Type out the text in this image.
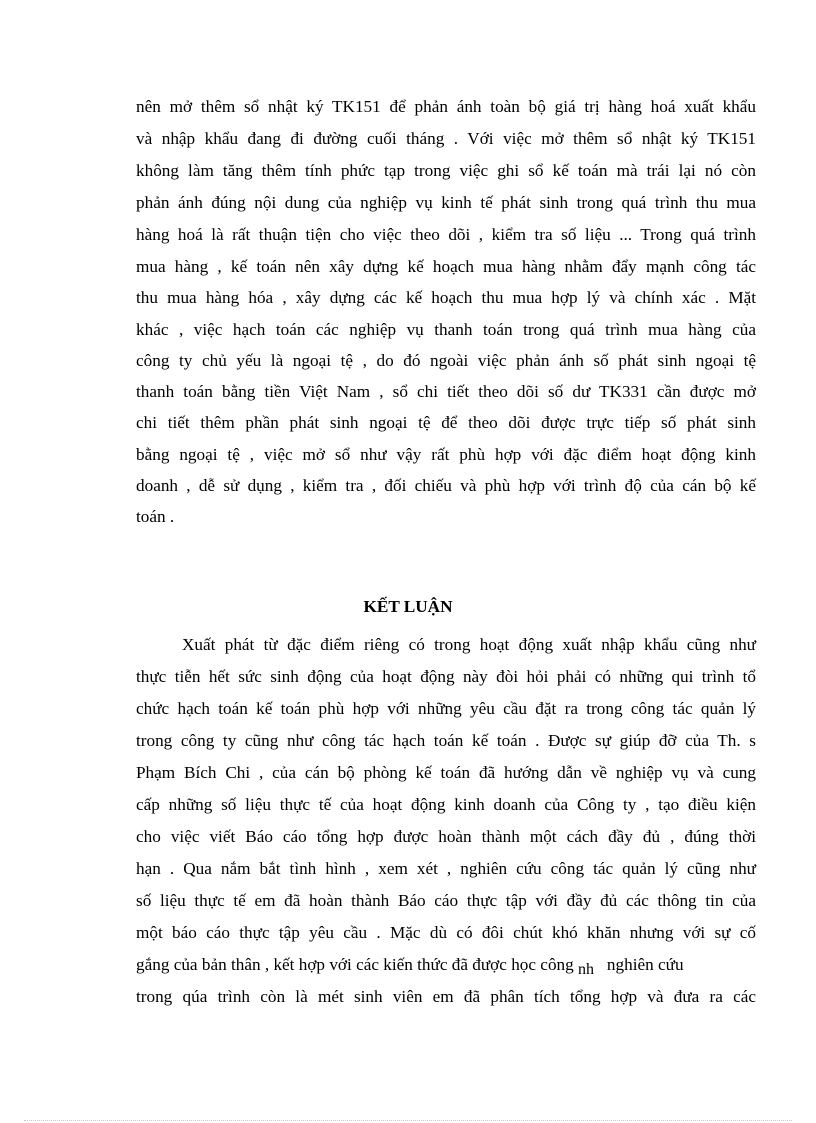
nên mở thêm sổ nhật ký TK151 để phản ánh toàn bộ giá trị hàng hoá xuất khẩu
và nhập khẩu đang đi đường cuối tháng . Với việc mở thêm sổ nhật ký TK151
không làm tăng thêm tính phức tạp trong việc ghi sổ kế toán mà trái lại nó còn
phản ánh đúng nội dung của nghiệp vụ kinh tế phát sinh trong quá trình thu mua
hàng hoá là rất thuận tiện cho việc theo dõi , kiểm tra số liệu ... Trong quá trình
mua hàng , kế toán nên xây dựng kế hoạch mua hàng nhằm đẩy mạnh công tác
thu mua hàng hóa , xây dựng các kế hoạch thu mua hợp lý và chính xác . Mặt
khác , việc hạch toán các nghiệp vụ thanh toán trong quá trình mua hàng của
công ty chủ yếu là ngoại tệ , do đó ngoài việc phản ánh số phát sinh ngoại tệ
thanh toán bằng tiền Việt Nam , sổ chi tiết theo dõi số dư TK331 cần được mở
chi tiết thêm phần phát sinh ngoại tệ để theo dõi được trực tiếp số phát sinh
bằng ngoại tệ , việc mở sổ như vậy rất phù hợp với đặc điểm hoạt động kinh
doanh , dễ sử dụng , kiểm tra , đối chiếu và phù hợp với trình độ của cán bộ kế
toán .
KẾT LUẬN
Xuất phát từ đặc điểm riêng có trong hoạt động xuất nhập khẩu cũng như
thực tiễn hết sức sinh động của hoạt động này đòi hỏi phải có những qui trình tổ
chức hạch toán kế toán phù hợp với những yêu cầu đặt ra trong công tác quản lý
trong công ty cũng như công tác hạch toán kế toán . Được sự giúp đỡ của Th. s
Phạm Bích Chi , của cán bộ phòng kế toán đã hướng dẫn về nghiệp vụ và cung
cấp những số liệu thực tế của hoạt động kinh doanh của Công ty , tạo điều kiện
cho việc viết Báo cáo tổng hợp được hoàn thành một cách đầy đủ , đúng thời
hạn . Qua nắm bắt tình hình , xem xét , nghiên cứu công tác quản lý cũng như
số liệu thực tế em đã hoàn thành Báo cáo thực tập với đầy đủ các thông tin của
một báo cáo thực tập yêu cầu . Mặc dù có đôi chút khó khăn nhưng với sự cố
gắng của bản thân , kết hợp với các kiến thức đã được học công nh nghiên cứu
trong qúa trình còn là mét sinh viên em đã phân tích tổng hợp và đưa ra các
